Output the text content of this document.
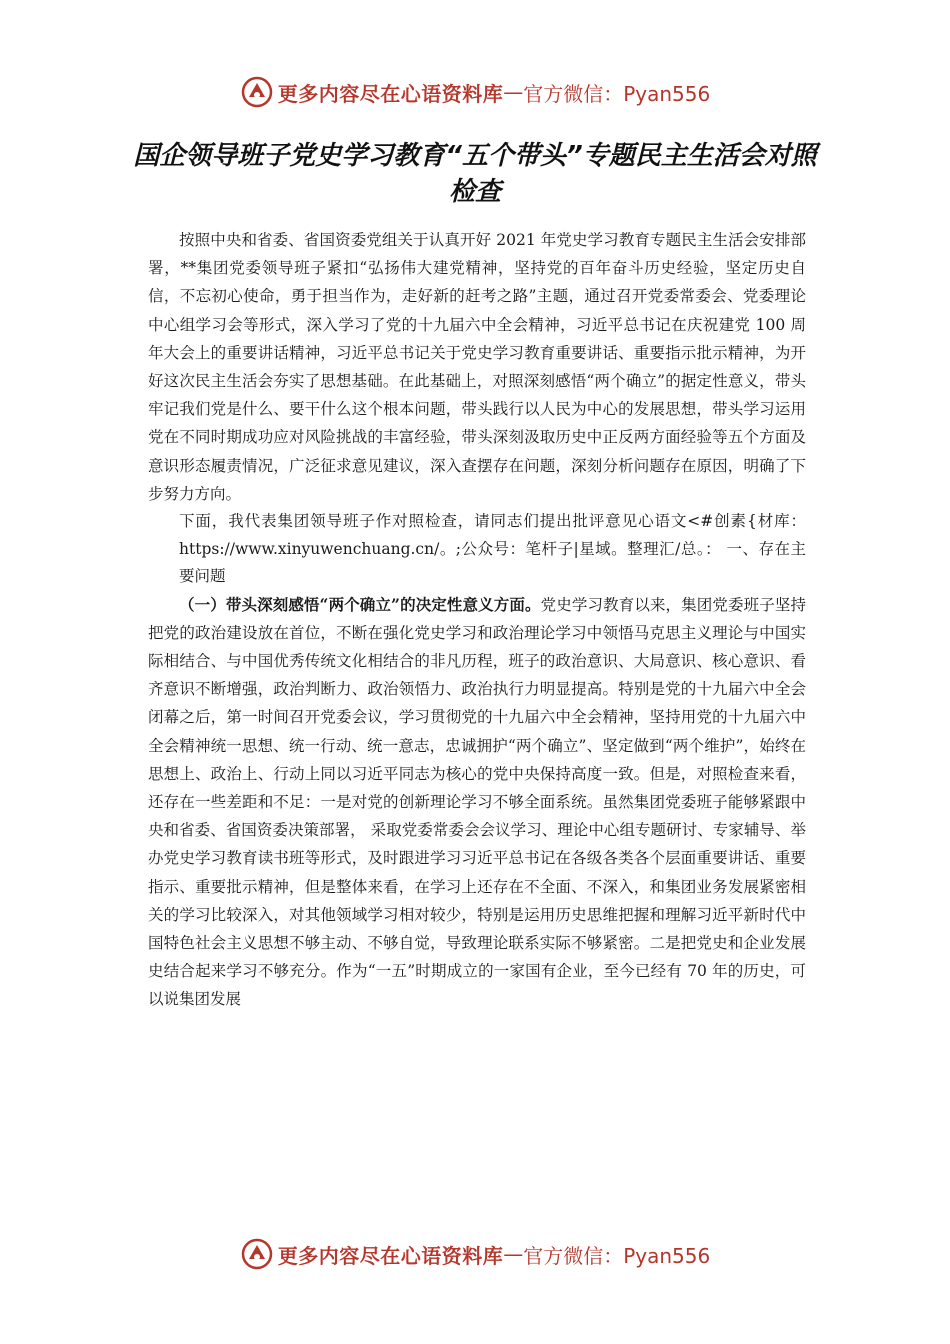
更多内容尽在心语资料库 — 官方微信：Pyan556
国企领导班子党史学习教育“五个带头”专题民主生活会对照检查

按照中央和省委、省国资委党组关于认真开好 2021 年党史学习教育专题民主生活会安排部署，**集团党委领导班子紧扣“弘扬伟大建党精神，坚持党的百年奋斗历史经验，坚定历史自信，不忘初心使命，勇于担当作为，走好新的赶考之路”主题，通过召开党委常委会、党委理论中心组学习会等形式，深入学习了党的十九届六中全会精神，习近平总书记在庆祝建党 100 周年大会上的重要讲话精神，习近平总书记关于党史学习教育重要讲话、重要指示批示精神，为开好这次民主生活会夯实了思想基础。在此基础上，对照深刻感悟“两个确立”的据定性意义，带头牢记我们党是什么、要干什么这个根本问题，带头践行以人民为中心的发展思想，带头学习运用党在不同时期成功应对风险挑战的丰富经验，带头深刻汲取历史中正反两方面经验等五个方面及意识形态履责情况，广泛征求意见建议，深入查摆存在问题，深刻分析问题存在原因，明确了下步努力方向。

下面，我代表集团领导班子作对照检查，请同志们提出批评意见心语文<#创素{材库：https://www.xinyuwenchuang.cn/。;公众号：笔杆子|星域。整理汇/总。： 一、存在主要问题

（一）带头深刻感悟“两个确立”的决定性意义方面。党史学习教育以来，集团党委班子坚持把党的政治建设放在首位，不断在强化党史学习和政治理论学习中领悟马克思主义理论与中国实际相结合、与中国优秀传统文化相结合的非凡历程，班子的政治意识、大局意识、核心意识、看齐意识不断增强，政治判断力、政治领悟力、政治执行力明显提高。特别是党的十九届六中全会闭幕之后，第一时间召开党委会议，学习贯彻党的十九届六中全会精神，坚持用党的十九届六中全会精神统一思想、统一行动、统一意志，忠诚拥护“两个确立”、坚定做到“两个维护”，始终在思想上、政治上、行动上同以习近平同志为核心的党中央保持高度一致。但是，对照检查来看，还存在一些差距和不足：一是对党的创新理论学习不够全面系统。虽然集团党委班子能够紧跟中央和省委、省国资委决策部署， 采取党委常委会会议学习、理论中心组专题研讨、专家辅导、举办党史学习教育读书班等形式，及时跟进学习习近平总书记在各级各类各个层面重要讲话、重要指示、重要批示精神，但是整体来看，在学习上还存在不全面、不深入，和集团业务发展紧密相关的学习比较深入，对其他领域学习相对较少，特别是运用历史思维把握和理解习近平新时代中国特色社会主义思想不够主动、不够自觉，导致理论联系实际不够紧密。二是把党史和企业发展史结合起来学习不够充分。作为“一五”时期成立的一家国有企业，至今已经有 70 年的历史，可以说集团发展

更多内容尽在心语资料库 — 官方微信：Pyan556
